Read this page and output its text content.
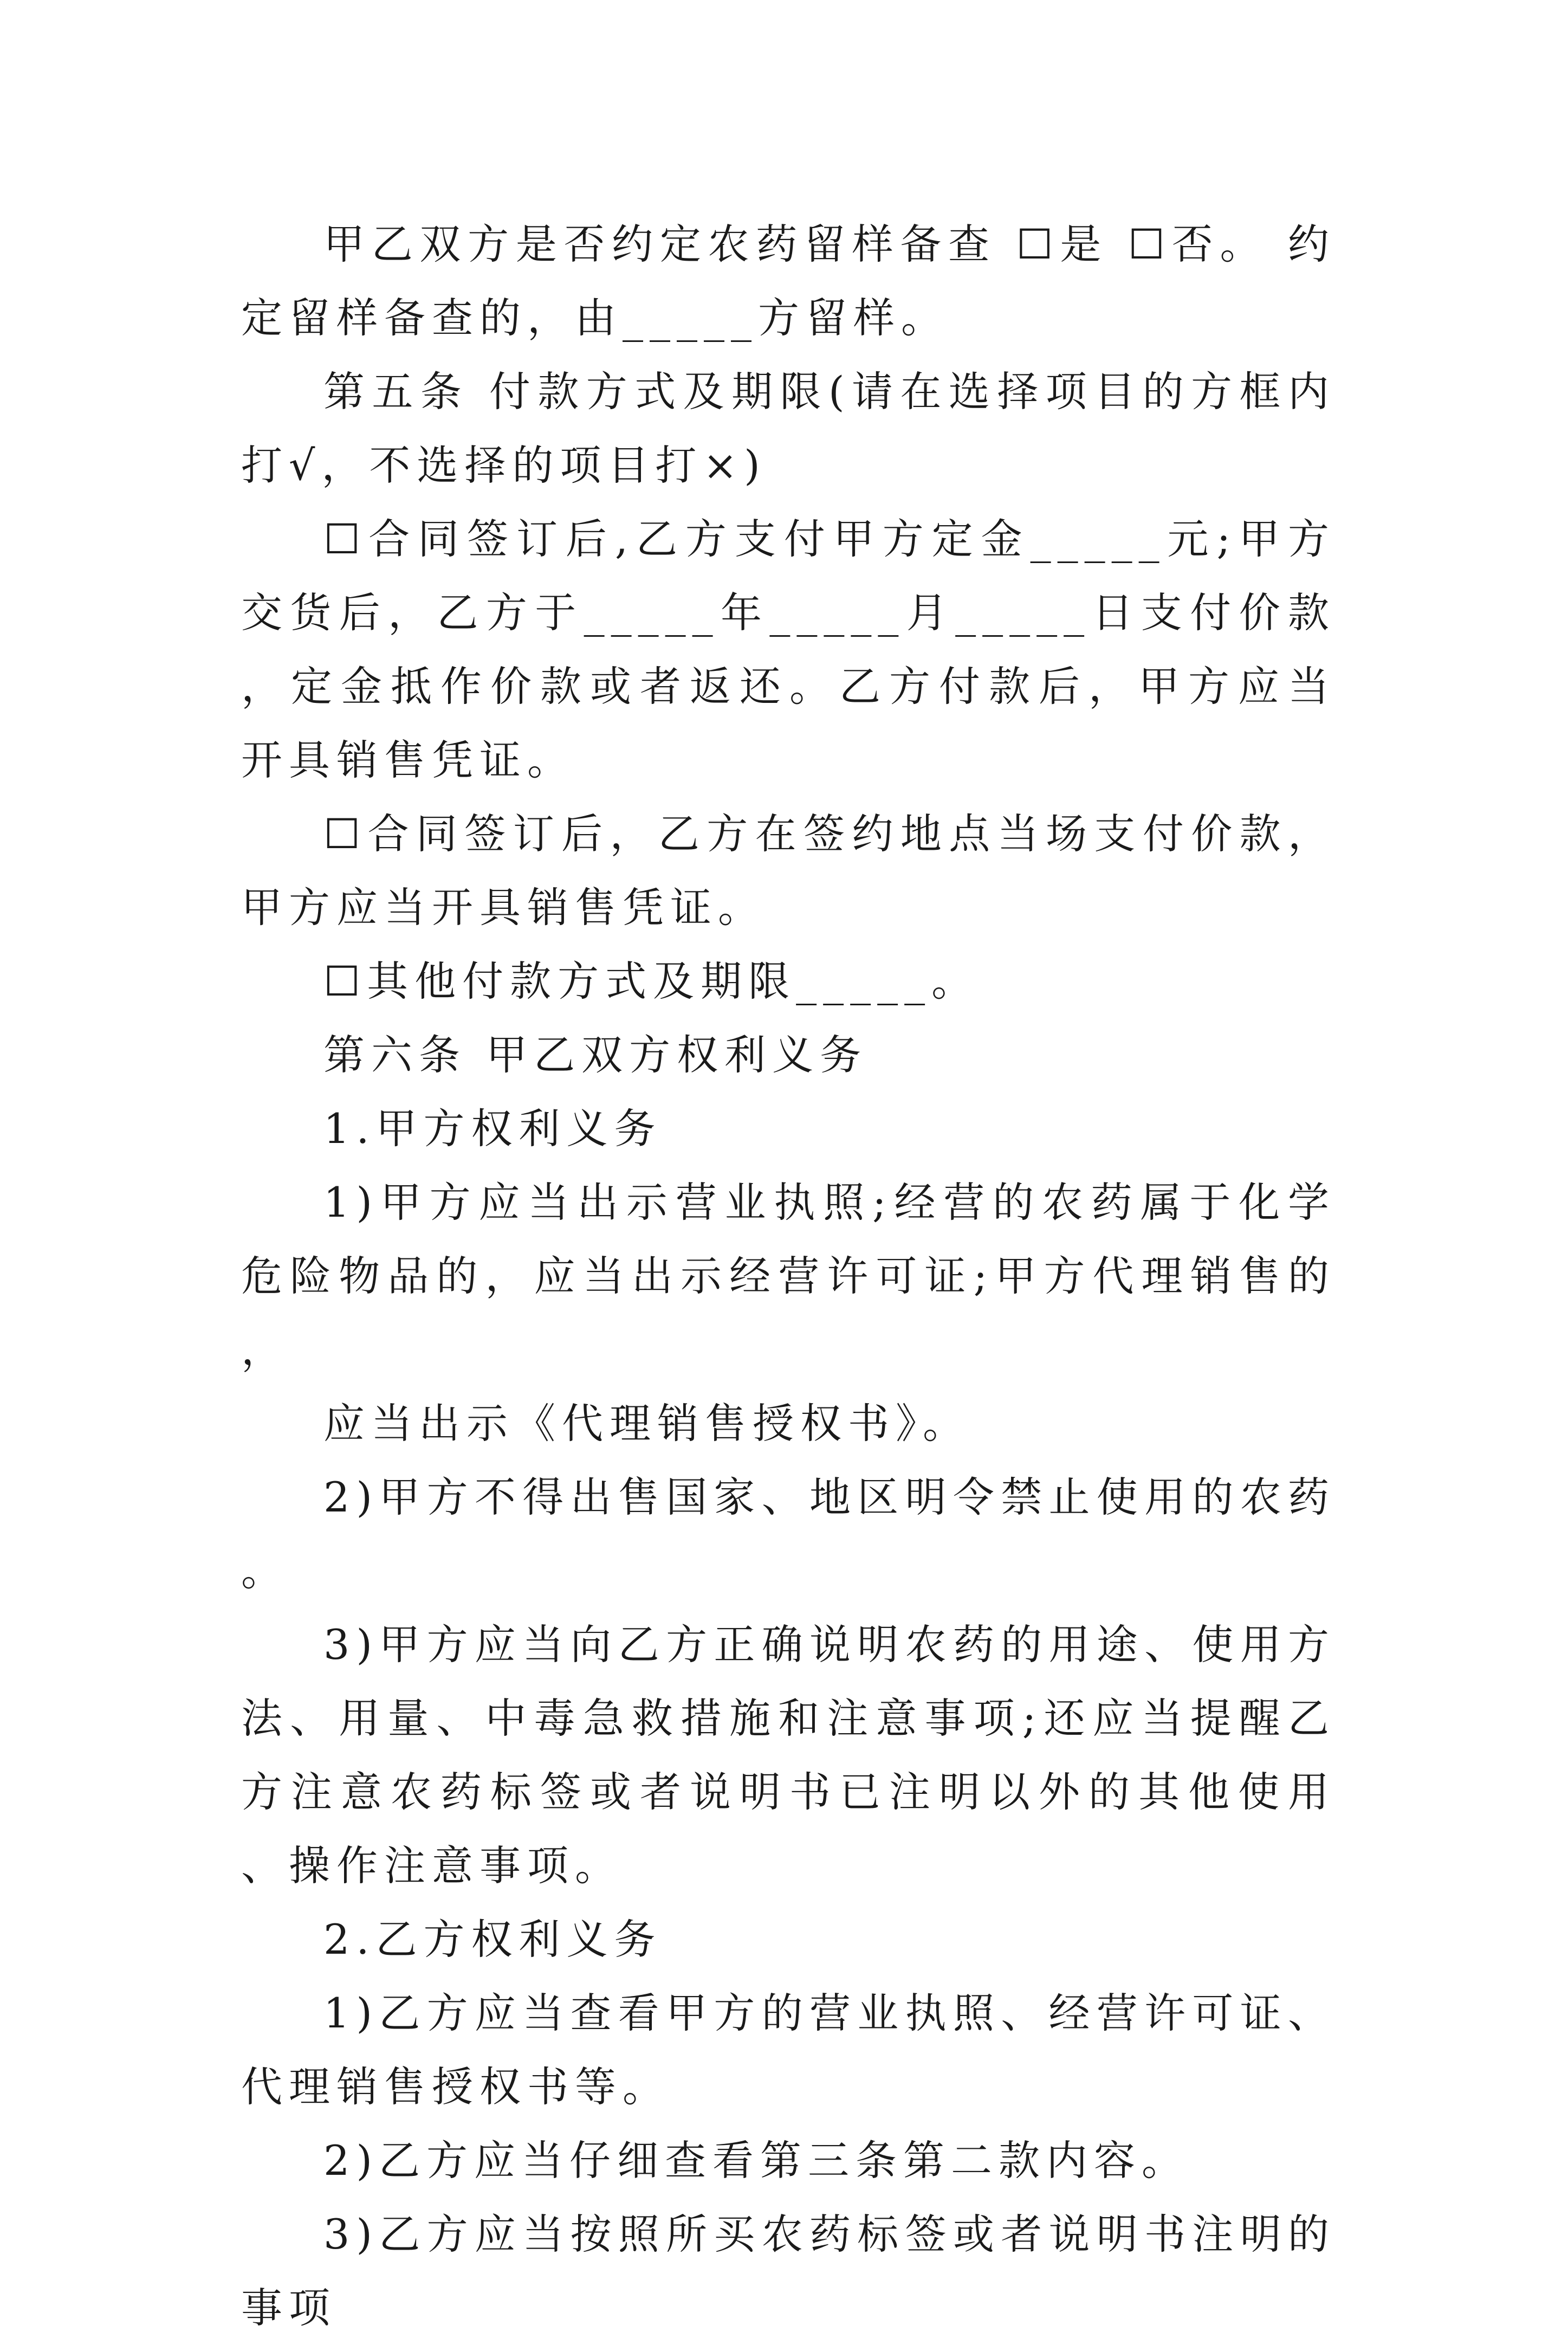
甲乙双方是否约定农药留样备查 ☐是 ☐否。 约定留样备查的，由_____方留样。

第五条 付款方式及期限(请在选择项目的方框内打√，不选择的项目打×)

☐合同签订后,乙方支付甲方定金_____元;甲方交货后，乙方于_____年_____月_____日支付价款，定金抵作价款或者返还。乙方付款后，甲方应当开具销售凭证。

☐合同签订后，乙方在签约地点当场支付价款，甲方应当开具销售凭证。

☐其他付款方式及期限_____。

第六条 甲乙双方权利义务

1.甲方权利义务

1)甲方应当出示营业执照;经营的农药属于化学危险物品的，应当出示经营许可证;甲方代理销售的，

应当出示《代理销售授权书》。

2)甲方不得出售国家、地区明令禁止使用的农药。

3)甲方应当向乙方正确说明农药的用途、使用方法、用量、中毒急救措施和注意事项;还应当提醒乙方注意农药标签或者说明书已注明以外的其他使用、操作注意事项。

2.乙方权利义务

1)乙方应当查看甲方的营业执照、经营许可证、代理销售授权书等。

2)乙方应当仔细查看第三条第二款内容。

3)乙方应当按照所买农药标签或者说明书注明的事项
